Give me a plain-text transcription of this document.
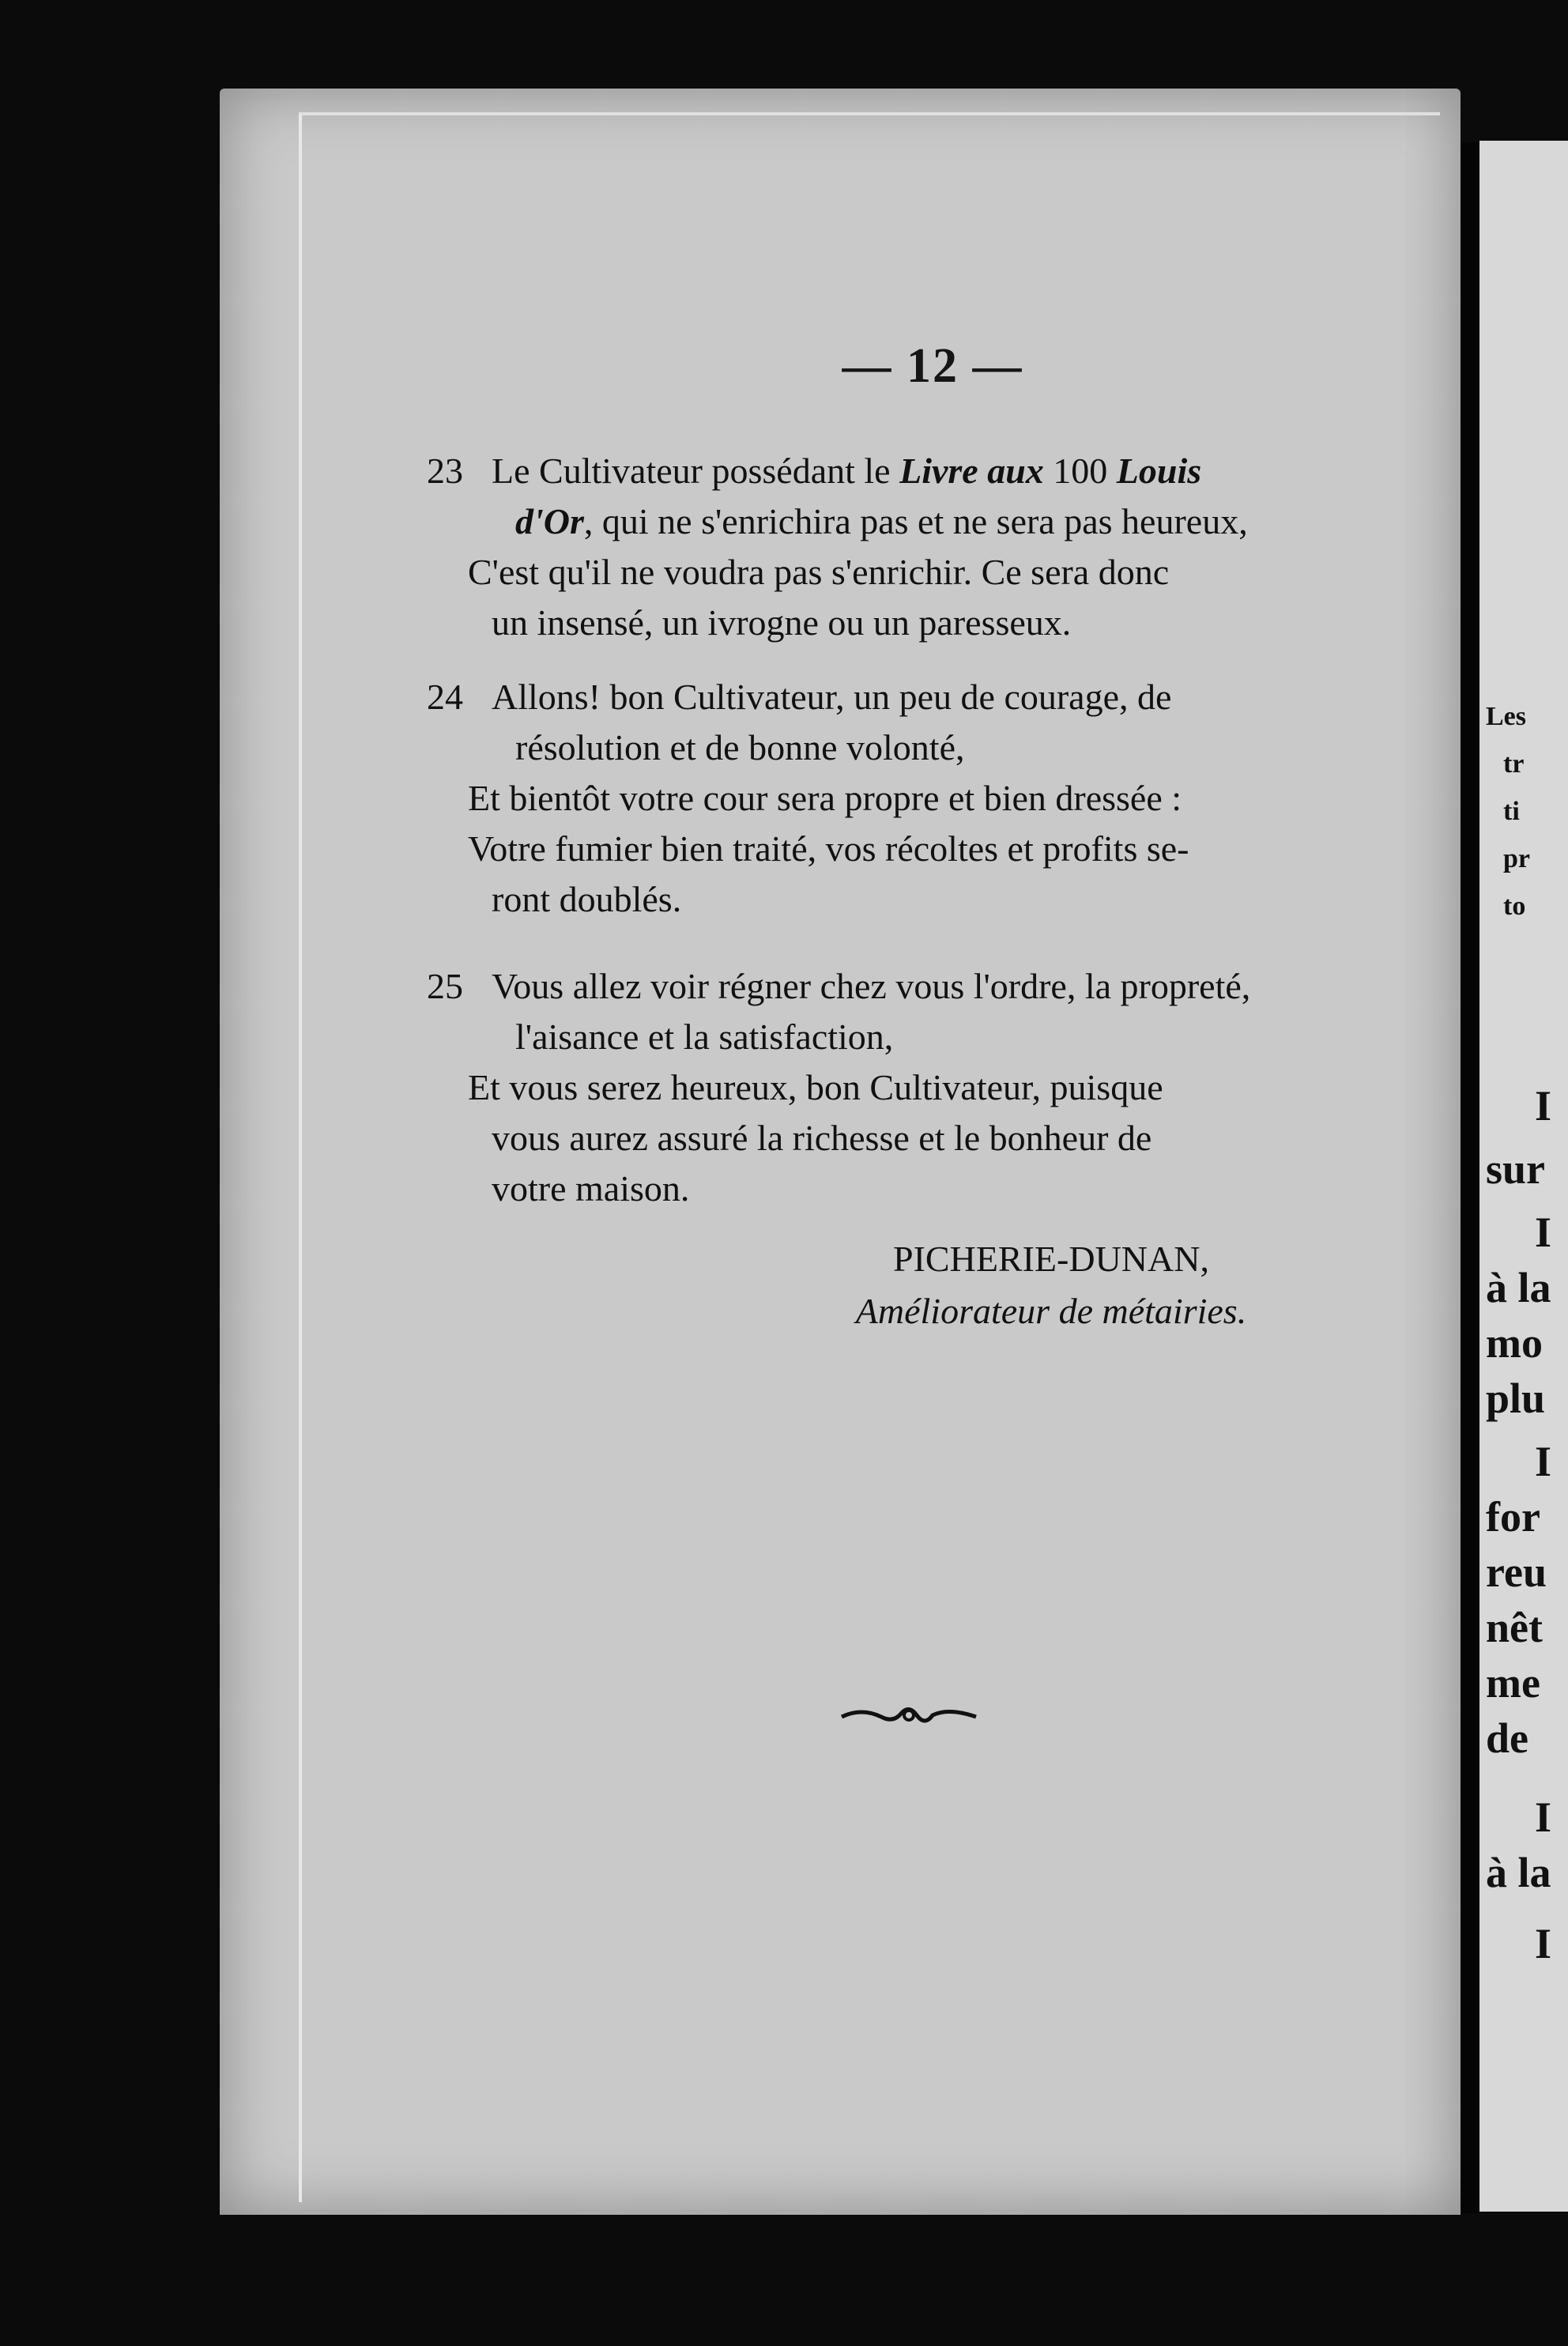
— 12 —
23 Le Cultivateur possédant le Livre aux 100 Louis
d'Or, qui ne s'enrichira pas et ne sera pas heureux,
C'est qu'il ne voudra pas s'enrichir. Ce sera donc
un insensé, un ivrogne ou un paresseux.
24 Allons! bon Cultivateur, un peu de courage, de
résolution et de bonne volonté,
Et bientôt votre cour sera propre et bien dressée :
Votre fumier bien traité, vos récoltes et profits se-
ront doublés.
25 Vous allez voir régner chez vous l'ordre, la propreté,
l'aisance et la satisfaction,
Et vous serez heureux, bon Cultivateur, puisque
vous aurez assuré la richesse et le bonheur de
votre maison.
PICHERIE-DUNAN,
Améliorateur de métairies.
Les
tr
ti
pr
to
I
sur
I
à la
mo
plu
I
for
reu
nêt
me
de
I
à la
I
